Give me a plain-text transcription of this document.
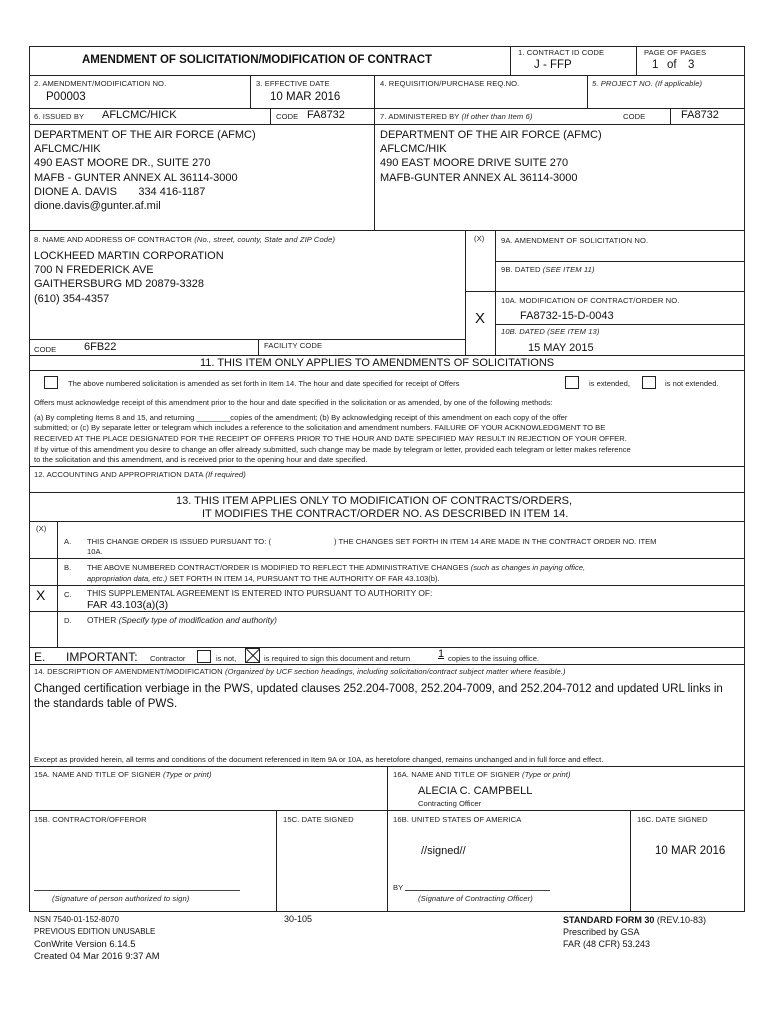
AMENDMENT OF SOLICITATION/MODIFICATION OF CONTRACT
1. CONTRACT ID CODE
J - FFP
PAGE OF PAGES
1 of 3
2. AMENDMENT/MODIFICATION NO.
P00003
3. EFFECTIVE DATE
10 MAR 2016
4. REQUISITION/PURCHASE REQ.NO.	5. PROJECT NO. (If applicable)
6. ISSUED BY AFLCMC/HICK	CODE FA8732	7. ADMINISTERED BY (If other than Item 6)	CODE	FA8732
DEPARTMENT OF THE AIR FORCE (AFMC)
AFLCMC/HIK
490 EAST MOORE DR., SUITE 270
MAFB - GUNTER ANNEX AL 36114-3000
DIONE A. DAVIS       334 416-1187
dione.davis@gunter.af.mil
DEPARTMENT OF THE AIR FORCE (AFMC)
AFLCMC/HIK
490 EAST MOORE DRIVE SUITE 270
MAFB-GUNTER ANNEX AL 36114-3000
8. NAME AND ADDRESS OF CONTRACTOR (No., street, county, State and ZIP Code)	(X)
LOCKHEED MARTIN CORPORATION
700 N FREDERICK AVE
GAITHERSBURG MD 20879-3328
(610) 354-4357
9A. AMENDMENT OF SOLICITATION NO.
9B. DATED (SEE ITEM 11)
10A. MODIFICATION OF CONTRACT/ORDER NO.
FA8732-15-D-0043
X
10B. DATED (SEE ITEM 13)
15 MAY 2015
CODE	6FB22	FACILITY CODE
11. THIS ITEM ONLY APPLIES TO AMENDMENTS OF SOLICITATIONS
The above numbered solicitation is amended as set forth in Item 14. The hour and date specified for receipt of Offers	is extended,	is not extended.
Offers must acknowledge receipt of this amendment prior to the hour and date specified in the solicitation or as amended, by one of the following methods:
(a) By completing Items 8 and 15, and returning ________copies of the amendment; (b) By acknowledging receipt of this amendment on each copy of the offer
submitted; or (c) By separate letter or telegram which includes a reference to the solicitation and amendment numbers. FAILURE OF YOUR ACKNOWLEDGMENT TO BE
RECEIVED AT THE PLACE DESIGNATED FOR THE RECEIPT OF OFFERS PRIOR TO THE HOUR AND DATE SPECIFIED MAY RESULT IN REJECTION OF YOUR OFFER.
If by virtue of this amendment you desire to change an offer already submitted, such change may be made by telegram or letter, provided each telegram or letter makes reference
to the solicitation and this amendment, and is received prior to the opening hour and date specified.
12. ACCOUNTING AND APPROPRIATION DATA (If required)
13. THIS ITEM APPLIES ONLY TO MODIFICATION OF CONTRACTS/ORDERS,
IT MODIFIES THE CONTRACT/ORDER NO. AS DESCRIBED IN ITEM 14.
(X)
A. THIS CHANGE ORDER IS ISSUED PURSUANT TO: (	) THE CHANGES SET FORTH IN ITEM 14 ARE MADE IN THE CONTRACT ORDER NO. ITEM
10A.
B. THE ABOVE NUMBERED CONTRACT/ORDER IS MODIFIED TO REFLECT THE ADMINISTRATIVE CHANGES (such as changes in paying office,
appropriation data, etc.) SET FORTH IN ITEM 14, PURSUANT TO THE AUTHORITY OF FAR 43.103(b).
X C. THIS SUPPLEMENTAL AGREEMENT IS ENTERED INTO PURSUANT TO AUTHORITY OF:
FAR 43.103(a)(3)
D. OTHER (Specify type of modification and authority)
E. IMPORTANT: Contractor	is not,	is required to sign this document and return	1 copies to the issuing office.
14. DESCRIPTION OF AMENDMENT/MODIFICATION (Organized by UCF section headings, including solicitation/contract subject matter where feasible.)
Changed certification verbiage in the PWS, updated clauses 252.204-7008, 252.204-7009, and 252.204-7012 and updated URL links in
the standards table of PWS.
Except as provided herein, all terms and conditions of the document referenced in Item 9A or 10A, as heretofore changed, remains unchanged and in full force and effect.
15A. NAME AND TITLE OF SIGNER (Type or print)	16A. NAME AND TITLE OF SIGNER (Type or print)
ALECIA C. CAMPBELL
Contracting Officer
15B. CONTRACTOR/OFFEROR	15C. DATE SIGNED	16B. UNITED STATES OF AMERICA	16C. DATE SIGNED
//signed//	10 MAR 2016
(Signature of person authorized to sign)
BY
(Signature of Contracting Officer)
NSN 7540-01-152-8070
PREVIOUS EDITION UNUSABLE
ConWrite Version 6.14.5
Created 04 Mar 2016 9:37 AM
30-105	STANDARD FORM 30 (REV.10-83)
Prescribed by GSA
FAR (48 CFR) 53.243
